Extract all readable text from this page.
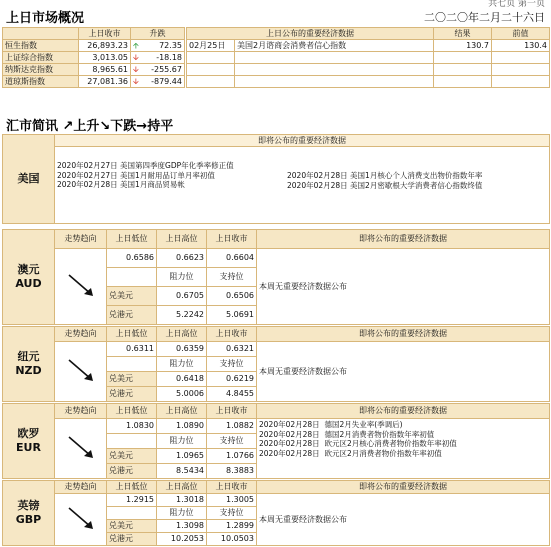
共七页 第一页
二〇二〇年二月二十六日
上日市场概况
	上日收市	升跌
恒生指数	26,893.23	🡩 72.35
上证综合指数	3,013.05	🡫 -18.18
纳斯达克指数	8,965.61	🡫 -255.67
道琼斯指数	27,081.36	🡫 -879.44
上日公布的重要经济数据		结果	前值
02月25日	美国2月谘商会消费者信心指数	130.7	130.4

汇市简讯 ↗上升↘下跌→持平
美国	即将公布的重要经济数据

2020年02月27日 美国第四季度GDP年化季率修正值
2020年02月27日 美国1月耐用品订单月率初值
2020年02月28日 美国1月商品贸易帐
2020年02月28日 美国1月核心个人消费支出物价指数年率
2020年02月28日 美国2月密歇根大学消费者信心指数终值
澳元
AUD	走势趋向	上日低位	上日高位	上日收市	即将公布的重要经济数据
	0.6586	0.6623	0.6604	本周无重要经济数据公布
			阻力位	支持位	
		兑美元	0.6705	0.6506	
		兑港元	5.2242	5.0691	
纽元
NZD	走势趋向	上日低位	上日高位	上日收市	即将公布的重要经济数据
	0.6311	0.6359	0.6321	本周无重要经济数据公布
			阻力位	支持位	
		兑美元	0.6418	0.6219	
		兑港元	5.0006	4.8455	
欧罗
EUR	走势趋向	上日低位	上日高位	上日收市	即将公布的重要经济数据
	1.0830	1.0890	1.0882	2020年02月28日  德国2月失业率(季调后)
2020年02月28日  德国2月消费者物价指数年率初值
2020年02月28日  欧元区2月核心消费者物价指数年率初值
2020年02月28日  欧元区2月消费者物价指数年率初值
			阻力位	支持位	
		兑美元	1.0965	1.0766	
		兑港元	8.5434	8.3883	
英镑
GBP	走势趋向	上日低位	上日高位	上日收市	即将公布的重要经济数据
	1.2915	1.3018	1.3005	本周无重要经济数据公布
			阻力位	支持位	
		兑美元	1.3098	1.2899	
		兑港元	10.2053	10.0503	
